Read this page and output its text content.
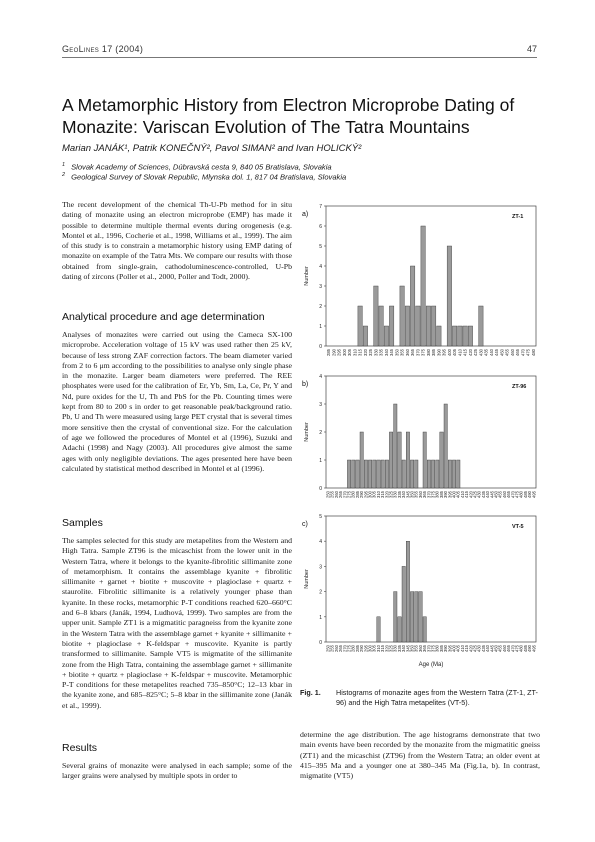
GeoLines 17 (2004)	47
A Metamorphic History from Electron Microprobe Dating of Monazite: Variscan Evolution of The Tatra Mountains
Marian JANÁK¹, Patrik KONEČNÝ², Pavol SIMAN² and Ivan HOLICKÝ²
$^1$ Slovak Academy of Sciences, Dúbravská cesta 9, 840 05 Bratislava, Slovakia
$^2$ Geological Survey of Slovak Republic, Mlynska dol. 1, 817 04 Bratislava, Slovakia

The recent development of the chemical Th-U-Pb method for in situ dating of monazite using an electron microprobe (EMP) has made it possible to determine multiple thermal events during orogenesis (e.g. Montel et al., 1996, Cocherie et al., 1998, Williams et al., 1999). The aim of this study is to constrain a metamorphic history using EMP dating of monazite on example of the Tatra Mts. We compare our results with those obtained from single-grain, cathodoluminescence-controlled, U-Pb dating of zircons (Poller et al., 2000, Poller and Todt, 2000).

Analytical procedure and age determination

Analyses of monazites were carried out using the Cameca SX-100 microprobe. Acceleration voltage of 15 kV was used rather then 25 kV, because of less strong ZAF correction factors. The beam diameter varied from 2 to 6 μm according to the possibilities to analyse only single phase in the monazite. Larger beam diameters were preferred. The REE phosphates were used for the calibration of Er, Yb, Sm, La, Ce, Pr, Y and Nd, pure oxides for the U, Th and PbS for the Pb. Counting times were kept from 80 to 200 s in order to get reasonable peak/background ratio. Pb, U and Th were measured using large PET crystal that is several times more sensitive then the crystal of conventional size. For the calculation of age we followed the procedures of Montel et al (1996), Suzuki and Adachi (1998) and Nagy (2003). All procedures give almost the same ages with only negligible deviations. The ages presented here have been calculated by statistical method described in Montel et al (1996).

Samples

The samples selected for this study are metapelites from the Western and High Tatra. Sample ZT96 is the micaschist from the lower unit in the Western Tatra, where it belongs to the kyanite-fibrolitic sillimanite zone of metamorphism. It contains the assemblage kyanite + fibrolitic sillimanite + garnet + biotite + muscovite + plagioclase + quartz + staurolite. Fibrolitic sillimanite is a relatively younger phase than kyanite. In these rocks, metamorphic P-T conditions reached 620–660°C and 6–8 kbars (Janák, 1994, Ludhová, 1999). Two samples are from the upper unit. Sample ZT1 is a migmatitic paragneiss from the kyanite zone in the Western Tatra with the assemblage garnet + kyanite + sillimanite + biotite + plagioclase + K-feldspar + muscovite. Kyanite is partly transformed to sillimanite. Sample VT5 is migmatite of the sillimanite zone from the High Tatra, containing the assemblage garnet + sillimanite + biotite + quartz + plagioclase + K-feldspar + muscovite. Metamorphic P-T conditions for these metapelites reached 735–850°C; 12–13 kbar in the kyanite zone, and 685–825°C; 5–8 kbar in the sillimanite zone (Janák et al., 1999).

Results

Several grains of monazite were analysed in each sample; some of the larger grains were analysed by multiple spots in order to

0
1
2
3
4
5
6
7
285 290 295 300 305 310 315 320 325 330 335 340 345 350 355 360 365 370 375 380 385 390 395 400 405 410 415 420 425 430 435 440 445 450 455 460 465 470 475 480
a)	ZT-1
Number
0
1
2
3
4
250 255 260 265 270 275 280 285 290 295 300 305 310 315 320 325 330 335 340 345 350 355 360 365 370 375 380 385 390 395 400 405 410 415 420 425 430 435 440 445 450 455 460 465 470 475 480 485 490 495
b)	ZT-96
Number
0
1
2
3
4
5
250 255 260 265 270 275 280 285 290 295 300 305 310 315 320 325 330 335 340 345 350 355 360 365 370 375 380 385 390 395 400 405 410 415 420 425 430 435 440 445 450 455 460 465 470 475 480 485 490 495
c)	VT-5
Number
Age (Ma)
Fig. 1.	Histograms of monazite ages from the Western Tatra (ZT-1, ZT-96) and the High Tatra metapelites (VT-5).

determine the age distribution. The age histograms demonstrate that two main events have been recorded by the monazite from the migmatitic gneiss (ZT1) and the micaschist (ZT96) from the Western Tatra; an older event at 415–395 Ma and a younger one at 380–345 Ma (Fig.1a, b). In contrast, migmatite (VT5)
